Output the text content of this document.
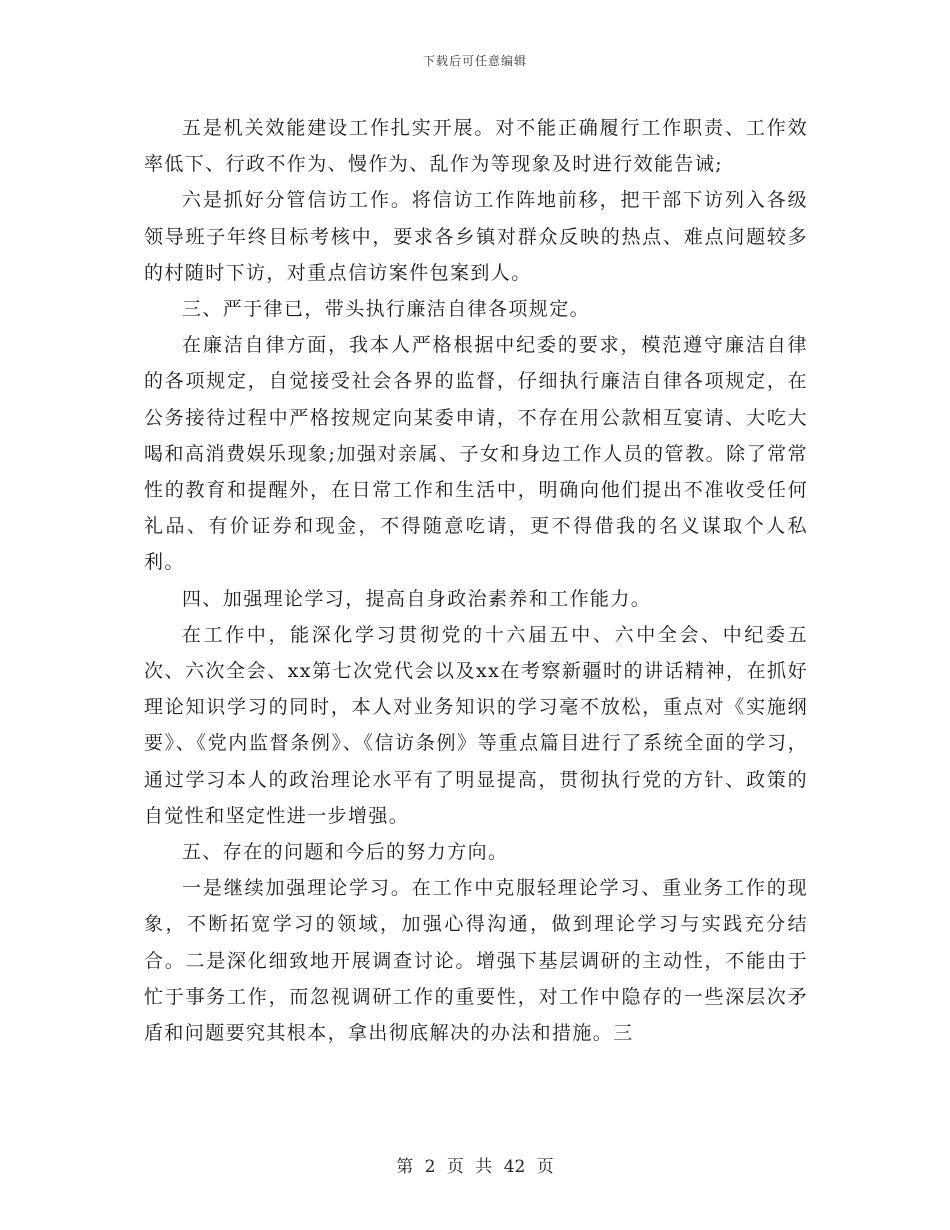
下载后可任意编辑

五是机关效能建设工作扎实开展。对不能正确履行工作职责、工作效率低下、行政不作为、慢作为、乱作为等现象及时进行效能告诫;

六是抓好分管信访工作。将信访工作阵地前移，把干部下访列入各级领导班子年终目标考核中，要求各乡镇对群众反映的热点、难点问题较多的村随时下访，对重点信访案件包案到人。

三、严于律已，带头执行廉洁自律各项规定。

在廉洁自律方面，我本人严格根据中纪委的要求，模范遵守廉洁自律的各项规定，自觉接受社会各界的监督，仔细执行廉洁自律各项规定，在公务接待过程中严格按规定向某委申请，不存在用公款相互宴请、大吃大喝和高消费娱乐现象;加强对亲属、子女和身边工作人员的管教。除了常常性的教育和提醒外，在日常工作和生活中，明确向他们提出不准收受任何礼品、有价证券和现金，不得随意吃请，更不得借我的名义谋取个人私利。

四、加强理论学习，提高自身政治素养和工作能力。

在工作中，能深化学习贯彻党的十六届五中、六中全会、中纪委五次、六次全会、xx第七次党代会以及xx在考察新疆时的讲话精神，在抓好理论知识学习的同时，本人对业务知识的学习毫不放松，重点对《实施纲要》、《党内监督条例》、《信访条例》等重点篇目进行了系统全面的学习，通过学习本人的政治理论水平有了明显提高，贯彻执行党的方针、政策的自觉性和坚定性进一步增强。

五、存在的问题和今后的努力方向。

一是继续加强理论学习。在工作中克服轻理论学习、重业务工作的现象，不断拓宽学习的领域，加强心得沟通，做到理论学习与实践充分结合。二是深化细致地开展调查讨论。增强下基层调研的主动性，不能由于忙于事务工作，而忽视调研工作的重要性，对工作中隐存的一些深层次矛盾和问题要究其根本，拿出彻底解决的办法和措施。三

第 2 页 共 42 页
